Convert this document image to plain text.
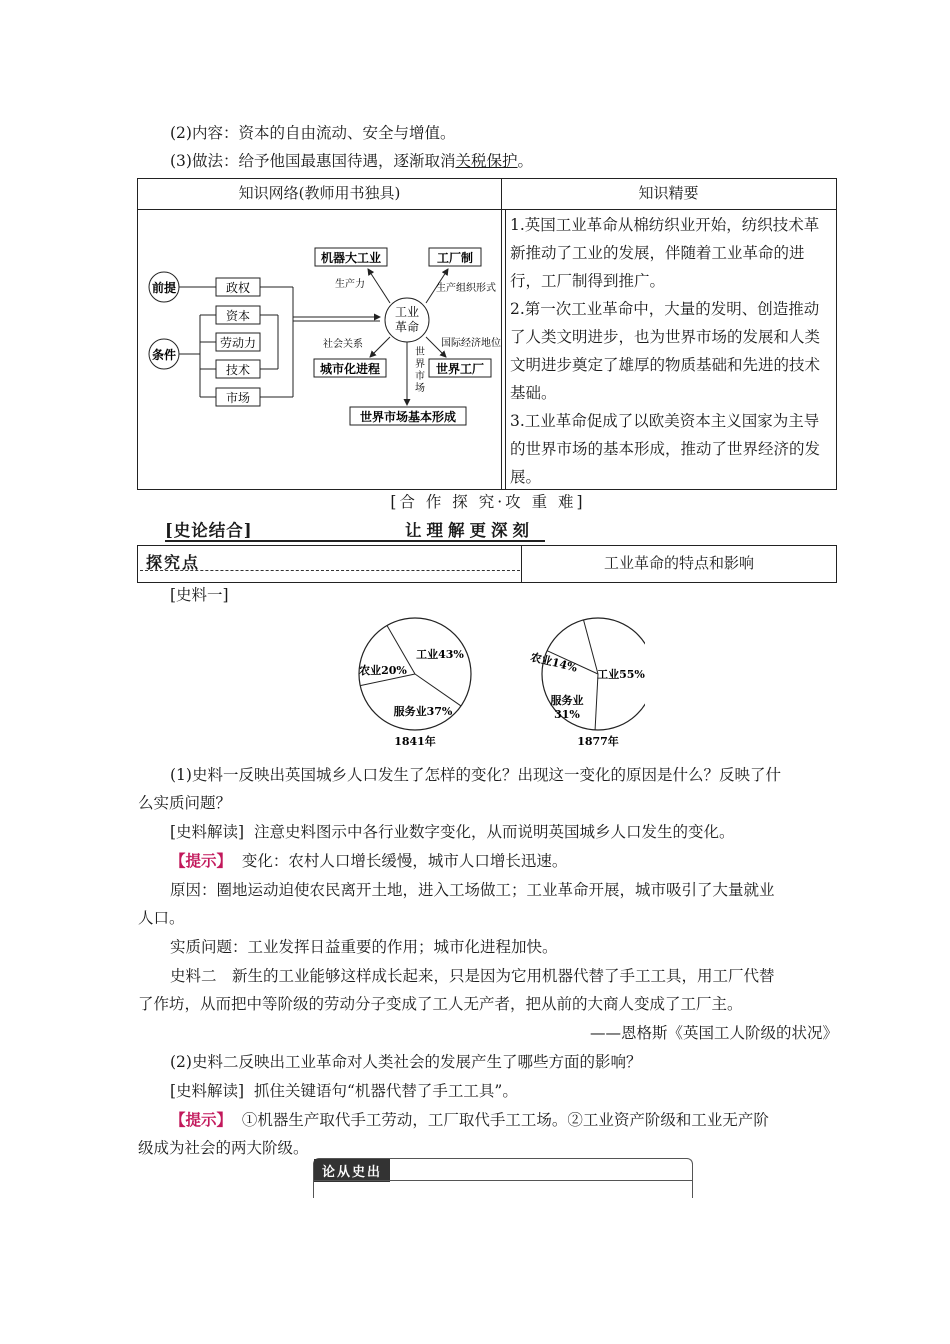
(2)内容：资本的自由流动、安全与增值。
(3)做法：给予他国最惠国待遇，逐渐取消关税保护。
知识网络(教师用书独具)	知识精要
前提
条件
政权
资本
劳动力
技术
市场
工业
革命
机器大工业	工厂制
生产力	生产组织形式
城市化进程	世界工厂
社会关系	国际经济地位
世
界
市
场
世界市场基本形成
1.英国工业革命从棉纺织业开始，纺织技术革新推动了工业的发展，伴随着工业革命的进行，工厂制得到推广。
2.第一次工业革命中，大量的发明、创造推动了人类文明进步，也为世界市场的发展和人类文明进步奠定了雄厚的物质基础和先进的技术基础。
3.工业革命促成了以欧美资本主义国家为主导的世界市场的基本形成，推动了世界经济的发展。
[合 作 探 究·攻 重 难]
[史论结合]	让理解更深刻
探究点	工业革命的特点和影响
[史料一]
1841年	1877年
工业43%
农业20%
服务业37%
工业55%
农业14%
服务业
31%
(1)史料一反映出英国城乡人口发生了怎样的变化？出现这一变化的原因是什么？反映了什
么实质问题？
[史料解读] 注意史料图示中各行业数字变化，从而说明英国城乡人口发生的变化。
【提示】 变化：农村人口增长缓慢，城市人口增长迅速。
原因：圈地运动迫使农民离开土地，进入工场做工；工业革命开展，城市吸引了大量就业
人口。
实质问题：工业发挥日益重要的作用；城市化进程加快。
史料二　新生的工业能够这样成长起来，只是因为它用机器代替了手工工具，用工厂代替
了作坊，从而把中等阶级的劳动分子变成了工人无产者，把从前的大商人变成了工厂主。
——恩格斯《英国工人阶级的状况》
(2)史料二反映出工业革命对人类社会的发展产生了哪些方面的影响？
[史料解读] 抓住关键语句“机器代替了手工工具”。
【提示】 ①机器生产取代手工劳动，工厂取代手工工场。②工业资产阶级和工业无产阶
级成为社会的两大阶级。
论从史出
